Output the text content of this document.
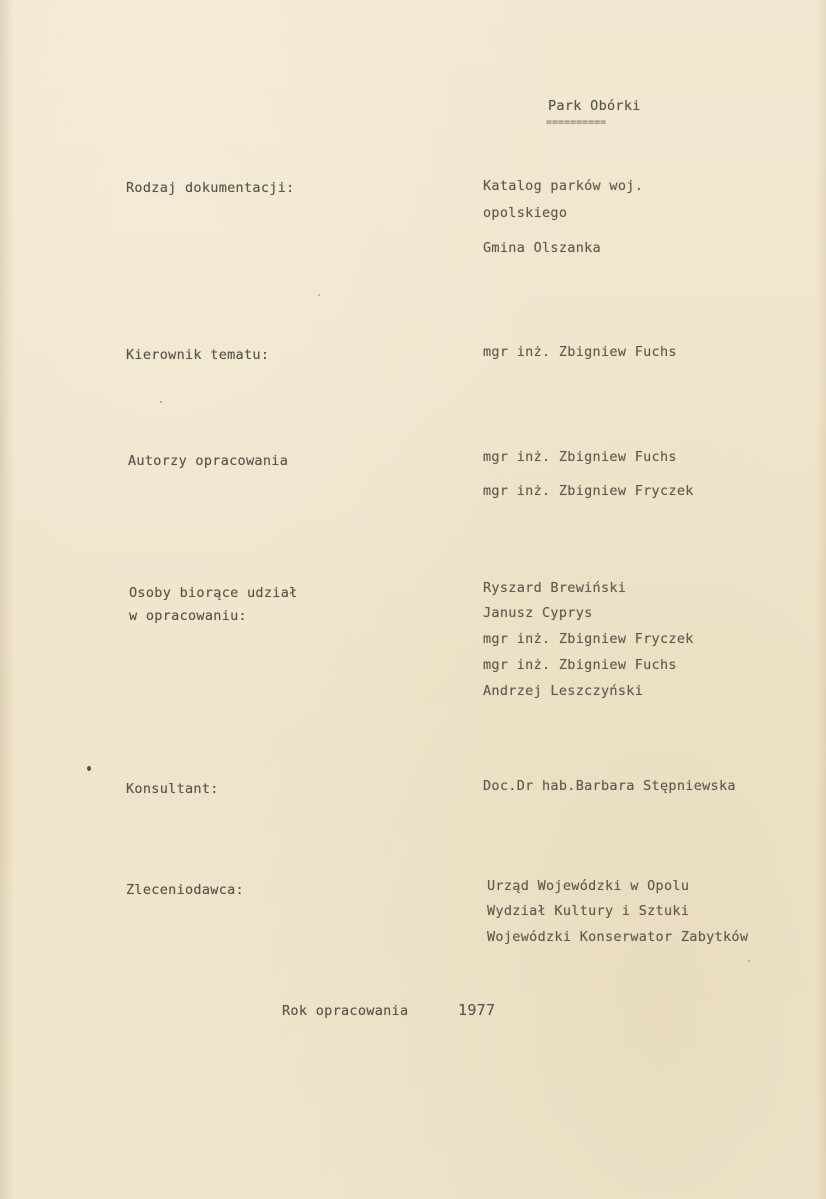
Park Obórki
==========
Rodzaj dokumentacji:	Katalog parków woj.
opolskiego
Gmina Olszanka
Kierownik tematu:	mgr inż. Zbigniew Fuchs
Autorzy opracowania	mgr inż. Zbigniew Fuchs
mgr inż. Zbigniew Fryczek
Osoby biorące udział
w opracowaniu:
Ryszard Brewiński
Janusz Cyprys
mgr inż. Zbigniew Fryczek
mgr inż. Zbigniew Fuchs
Andrzej Leszczyński
Konsultant:	Doc.Dr hab.Barbara Stępniewska
Zleceniodawca:	Urząd Wojewódzki w Opolu
Wydział Kultury i Sztuki
Wojewódzki Konserwator Zabytków
Rok opracowania	1977
